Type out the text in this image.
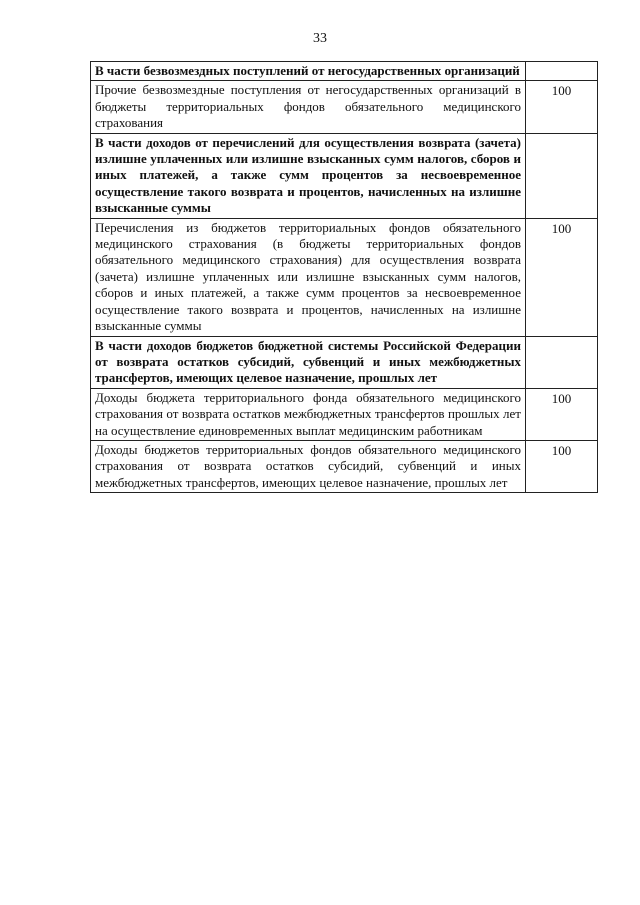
33
В части безвозмездных поступлений от негосударственных организаций	
Прочие безвозмездные поступления от негосударственных организаций в бюджеты территориальных фондов обязательного медицинского страхования	100
В части доходов от перечислений для осуществления возврата (зачета) излишне уплаченных или излишне взысканных сумм налогов, сборов и иных платежей, а также сумм процентов за несвоевременное осуществление такого возврата и процентов, начисленных на излишне взысканные суммы	
Перечисления из бюджетов территориальных фондов обязательного медицинского страхования (в бюджеты территориальных фондов обязательного медицинского страхования) для осуществления возврата (зачета) излишне уплаченных или излишне взысканных сумм налогов, сборов и иных платежей, а также сумм процентов за несвоевременное осуществление такого возврата и процентов, начисленных на излишне взысканные суммы	100
В части доходов бюджетов бюджетной системы Российской Федерации от возврата остатков субсидий, субвенций и иных межбюджетных трансфертов, имеющих целевое назначение, прошлых лет	
Доходы бюджета территориального фонда обязательного медицинского страхования от возврата остатков межбюджетных трансфертов прошлых лет на осуществление единовременных выплат медицинским работникам	100
Доходы бюджетов территориальных фондов обязательного медицинского страхования от возврата остатков субсидий, субвенций и иных межбюджетных трансфертов, имеющих целевое назначение, прошлых лет	100
